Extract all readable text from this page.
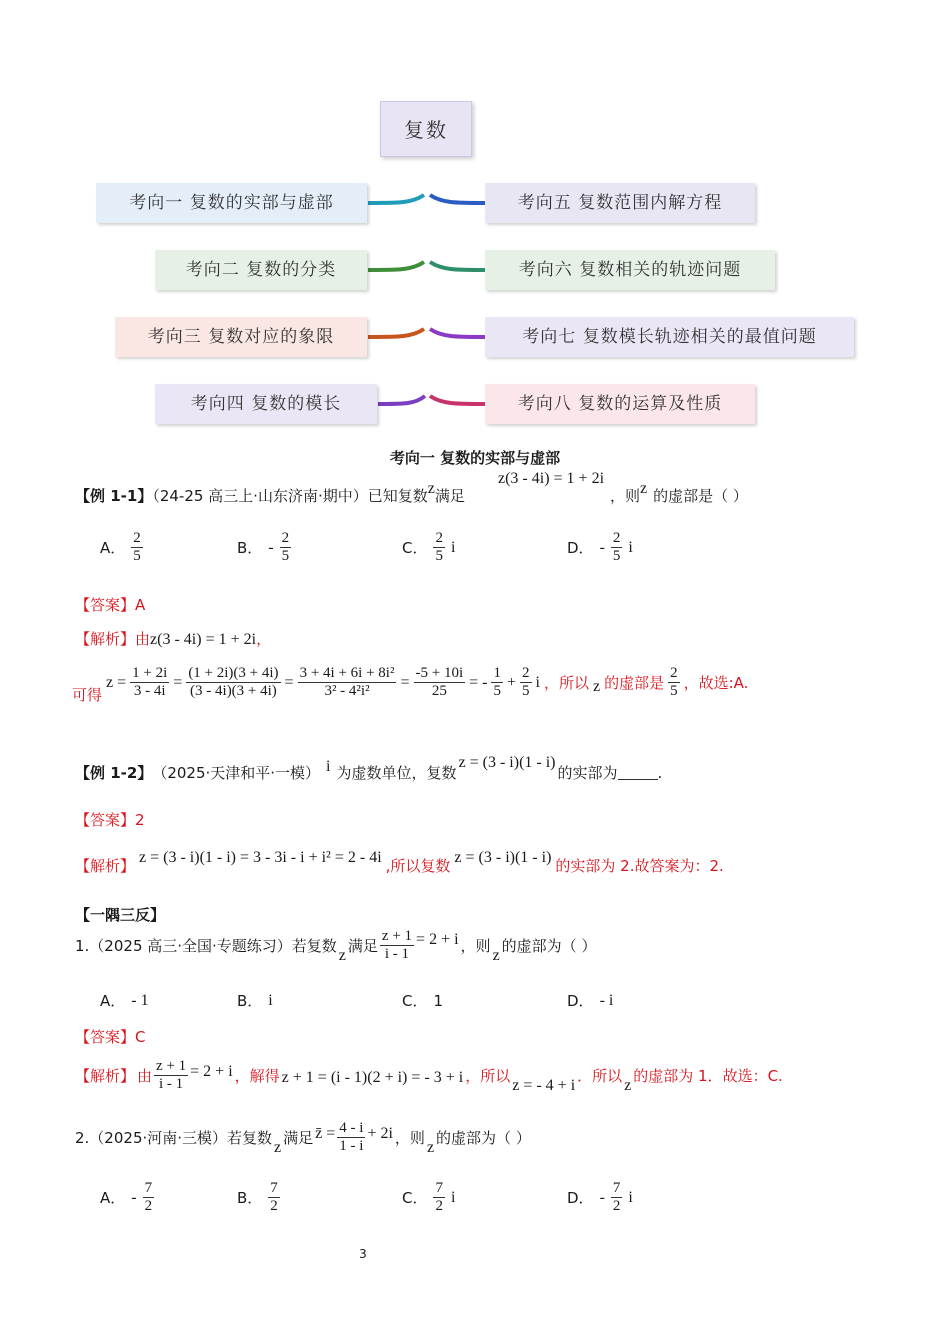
复数
考向一 复数的实部与虚部
考向二 复数的分类
考向三 复数对应的象限
考向四 复数的模长
考向五 复数范围内解方程
考向六 复数相关的轨迹问题
考向七 复数模长轨迹相关的最值问题
考向八 复数的运算及性质
考向一 复数的实部与虚部
【例 1-1】（24-25 高三上·山东济南·期中）已知复数z满足
z(3 - 4i) = 1 + 2i
，则z 的虚部是（ ）
A． $\frac{2}{5}$	B． - $\frac{2}{5}$	C． $\frac{2}{5}$ i	D． - $\frac{2}{5}$ i
【答案】A
【解析】由z(3 - 4i) = 1 + 2i，
可得
$z = \frac{1 + 2i}{3 - 4i} = \frac{(1 + 2i)(3 + 4i)}{(3 - 4i)(3 + 4i)} = \frac{\text{3 + 4i + 6i + 8i²}}{\text{3² - 4²i²}} = \frac{-5 + 10i}{25}$ = - $\frac{1}{5} + \frac{2}{5}$ i ，所以 z 的虚部是 $\frac{2}{5}$ ，故选:A.
【例 1-2】 （2025·天津和平·一模） i 为虚数单位，复数
z = (3 - i)(1 - i)
的实部为	.
【答案】2
【解析】 z = (3 - i)(1 - i) = 3 - 3i - i + i² = 2 - 4i ,所以复数 z = (3 - i)(1 - i) 的实部为 2.故答案为：2.
【一隅三反】
1.（2025 高三·全国·专题练习）若复数 z 满足 $\frac{z + 1}{i - 1} = 2 + i$ ，则 z 的虚部为（ ）
A． - 1	B． i	C． 1	D． - i
【答案】C
【解析】 由 $\frac{z + 1}{i - 1} = 2 + i$ ，解得 z + 1 = (i - 1)(2 + i) = - 3 + i ，所以 z = - 4 + i ．所以 z 的虚部为 1．故选：C.
2.（2025·河南·三模）若复数 z 满足 z̄ = $\frac{4 - i}{1 - i} + 2i$ ，则 z 的虚部为（ ）
A． - $\frac{7}{2}$	B． $\frac{7}{2}$	C． $\frac{7}{2}$ i	D． - $\frac{7}{2}$ i
3
